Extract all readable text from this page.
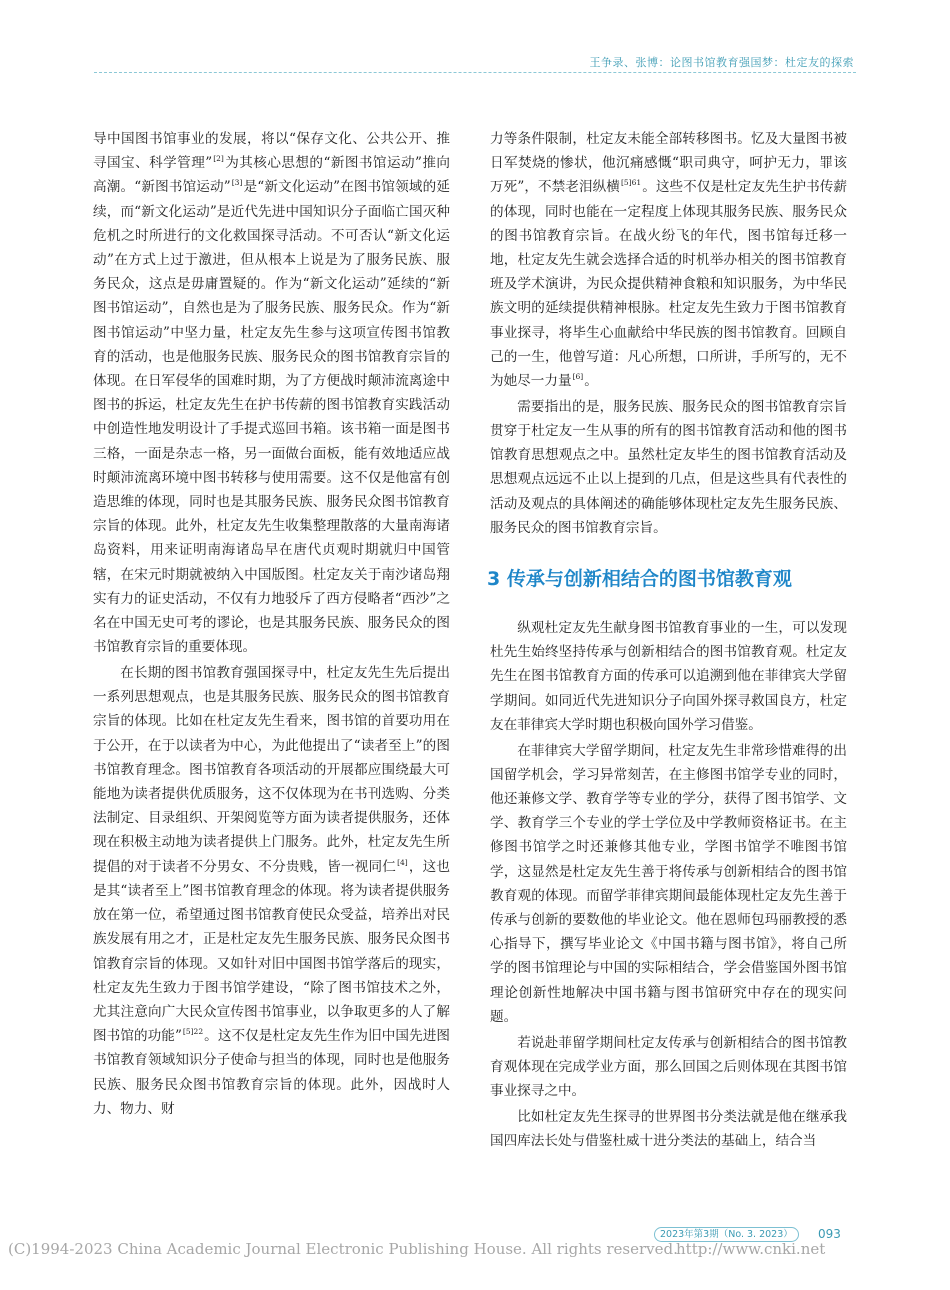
王争录、张博：论图书馆教育强国梦：杜定友的探索

导中国图书馆事业的发展，将以“保存文化、公共公开、推寻国宝、科学管理”[2]为其核心思想的“新图书馆运动”推向高潮。“新图书馆运动”[3]是“新文化运动”在图书馆领域的延续，而“新文化运动”是近代先进中国知识分子面临亡国灭种危机之时所进行的文化救国探寻活动。不可否认“新文化运动”在方式上过于激进，但从根本上说是为了服务民族、服务民众，这点是毋庸置疑的。作为“新文化运动”延续的“新图书馆运动”，自然也是为了服务民族、服务民众。作为“新图书馆运动”中坚力量，杜定友先生参与这项宣传图书馆教育的活动，也是他服务民族、服务民众的图书馆教育宗旨的体现。在日军侵华的国难时期，为了方便战时颠沛流离途中图书的拆运，杜定友先生在护书传薪的图书馆教育实践活动中创造性地发明设计了手提式巡回书箱。该书箱一面是图书三格，一面是杂志一格，另一面做台面板，能有效地适应战时颠沛流离环境中图书转移与使用需要。这不仅是他富有创造思维的体现，同时也是其服务民族、服务民众图书馆教育宗旨的体现。此外，杜定友先生收集整理散落的大量南海诸岛资料，用来证明南海诸岛早在唐代贞观时期就归中国管辖，在宋元时期就被纳入中国版图。杜定友关于南沙诸岛翔实有力的证史活动，不仅有力地驳斥了西方侵略者“西沙”之名在中国无史可考的谬论，也是其服务民族、服务民众的图书馆教育宗旨的重要体现。

在长期的图书馆教育强国探寻中，杜定友先生先后提出一系列思想观点，也是其服务民族、服务民众的图书馆教育宗旨的体现。比如在杜定友先生看来，图书馆的首要功用在于公开，在于以读者为中心，为此他提出了“读者至上”的图书馆教育理念。图书馆教育各项活动的开展都应围绕最大可能地为读者提供优质服务，这不仅体现为在书刊选购、分类法制定、目录组织、开架阅览等方面为读者提供服务，还体现在积极主动地为读者提供上门服务。此外，杜定友先生所提倡的对于读者不分男女、不分贵贱，皆一视同仁[4]，这也是其“读者至上”图书馆教育理念的体现。将为读者提供服务放在第一位，希望通过图书馆教育使民众受益，培养出对民族发展有用之才，正是杜定友先生服务民族、服务民众图书馆教育宗旨的体现。又如针对旧中国图书馆学落后的现实，杜定友先生致力于图书馆学建设，“除了图书馆技术之外，尤其注意向广大民众宣传图书馆事业，以争取更多的人了解图书馆的功能”$^{[5]22}$。这不仅是杜定友先生作为旧中国先进图书馆教育领域知识分子使命与担当的体现，同时也是他服务民族、服务民众图书馆教育宗旨的体现。此外，因战时人力、物力、财

力等条件限制，杜定友未能全部转移图书。忆及大量图书被日军焚烧的惨状，他沉痛感慨“职司典守，呵护无力，罪该万死”，不禁老泪纵横$^{[5]61}$。这些不仅是杜定友先生护书传薪的体现，同时也能在一定程度上体现其服务民族、服务民众的图书馆教育宗旨。在战火纷飞的年代，图书馆每迁移一地，杜定友先生就会选择合适的时机举办相关的图书馆教育班及学术演讲，为民众提供精神食粮和知识服务，为中华民族文明的延续提供精神根脉。杜定友先生致力于图书馆教育事业探寻，将毕生心血献给中华民族的图书馆教育。回顾自己的一生，他曾写道：凡心所想，口所讲，手所写的，无不为她尽一力量[6]。

需要指出的是，服务民族、服务民众的图书馆教育宗旨贯穿于杜定友一生从事的所有的图书馆教育活动和他的图书馆教育思想观点之中。虽然杜定友毕生的图书馆教育活动及思想观点远远不止以上提到的几点，但是这些具有代表性的活动及观点的具体阐述的确能够体现杜定友先生服务民族、服务民众的图书馆教育宗旨。

3 传承与创新相结合的图书馆教育观

纵观杜定友先生献身图书馆教育事业的一生，可以发现杜先生始终坚持传承与创新相结合的图书馆教育观。杜定友先生在图书馆教育方面的传承可以追溯到他在菲律宾大学留学期间。如同近代先进知识分子向国外探寻救国良方，杜定友在菲律宾大学时期也积极向国外学习借鉴。

在菲律宾大学留学期间，杜定友先生非常珍惜难得的出国留学机会，学习异常刻苦，在主修图书馆学专业的同时，他还兼修文学、教育学等专业的学分，获得了图书馆学、文学、教育学三个专业的学士学位及中学教师资格证书。在主修图书馆学之时还兼修其他专业，学图书馆学不唯图书馆学，这显然是杜定友先生善于将传承与创新相结合的图书馆教育观的体现。而留学菲律宾期间最能体现杜定友先生善于传承与创新的要数他的毕业论文。他在恩师包玛丽教授的悉心指导下，撰写毕业论文《中国书籍与图书馆》，将自己所学的图书馆理论与中国的实际相结合，学会借鉴国外图书馆理论创新性地解决中国书籍与图书馆研究中存在的现实问题。

若说赴菲留学期间杜定友传承与创新相结合的图书馆教育观体现在完成学业方面，那么回国之后则体现在其图书馆事业探寻之中。

比如杜定友先生探寻的世界图书分类法就是他在继承我国四库法长处与借鉴杜威十进分类法的基础上，结合当

2023年第3期（No. 3. 2023）	093
(C)1994-2023 China Academic Journal Electronic Publishing House. All rights reserved.
http://www.cnki.net
